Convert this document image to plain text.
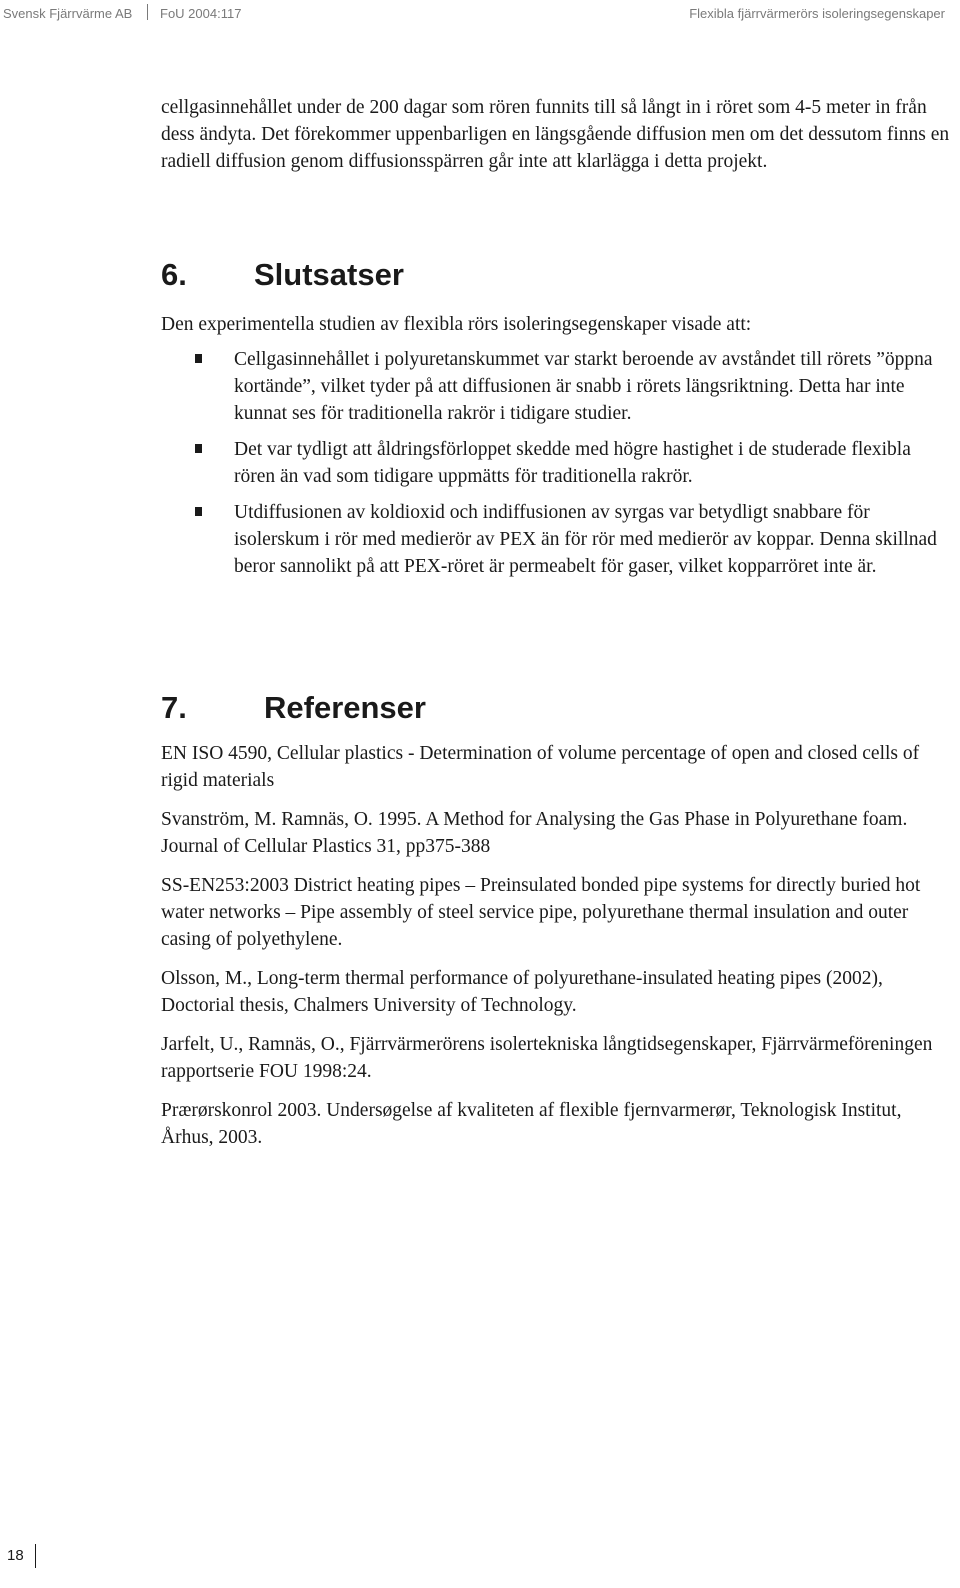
Svensk Fjärrvärme AB FoU 2004:117	Flexibla fjärrvärmerörs isoleringsegenskaper

cellgasinnehållet under de 200 dagar som rören funnits till så långt in i röret som 4-5 meter in från dess ändyta. Det förekommer uppenbarligen en längsgående diffusion men om det dessutom finns en radiell diffusion genom diffusionsspärren går inte att klarlägga i detta projekt.

6. Slutsatser

Den experimentella studien av flexibla rörs isoleringsegenskaper visade att:

Cellgasinnehållet i polyuretanskummet var starkt beroende av avståndet till rörets ”öppna kortände”, vilket tyder på att diffusionen är snabb i rörets längsriktning. Detta har inte kunnat ses för traditionella rakrör i tidigare studier.
Det var tydligt att åldringsförloppet skedde med högre hastighet i de studerade flexibla rören än vad som tidigare uppmätts för traditionella rakrör.
Utdiffusionen av koldioxid och indiffusionen av syrgas var betydligt snabbare för isolerskum i rör med medierör av PEX än för rör med medierör av koppar. Denna skillnad beror sannolikt på att PEX-röret är permeabelt för gaser, vilket kopparröret inte är.
7. Referenser

EN ISO 4590, Cellular plastics - Determination of volume percentage of open and closed cells of rigid materials

Svanström, M. Ramnäs, O. 1995. A Method for Analysing the Gas Phase in Polyurethane foam. Journal of Cellular Plastics 31, pp375-388

SS-EN253:2003 District heating pipes – Preinsulated bonded pipe systems for directly buried hot water networks – Pipe assembly of steel service pipe, polyurethane thermal insulation and outer casing of polyethylene.

Olsson, M., Long-term thermal performance of polyurethane-insulated heating pipes (2002), Doctorial thesis, Chalmers University of Technology.

Jarfelt, U., Ramnäs, O., Fjärrvärmerörens isolertekniska långtidsegenskaper, Fjärrvärmeföreningen rapportserie FOU 1998:24.

Prærørskonrol 2003. Undersøgelse af kvaliteten af flexible fjernvarmerør, Teknologisk Institut, Århus, 2003.

18
